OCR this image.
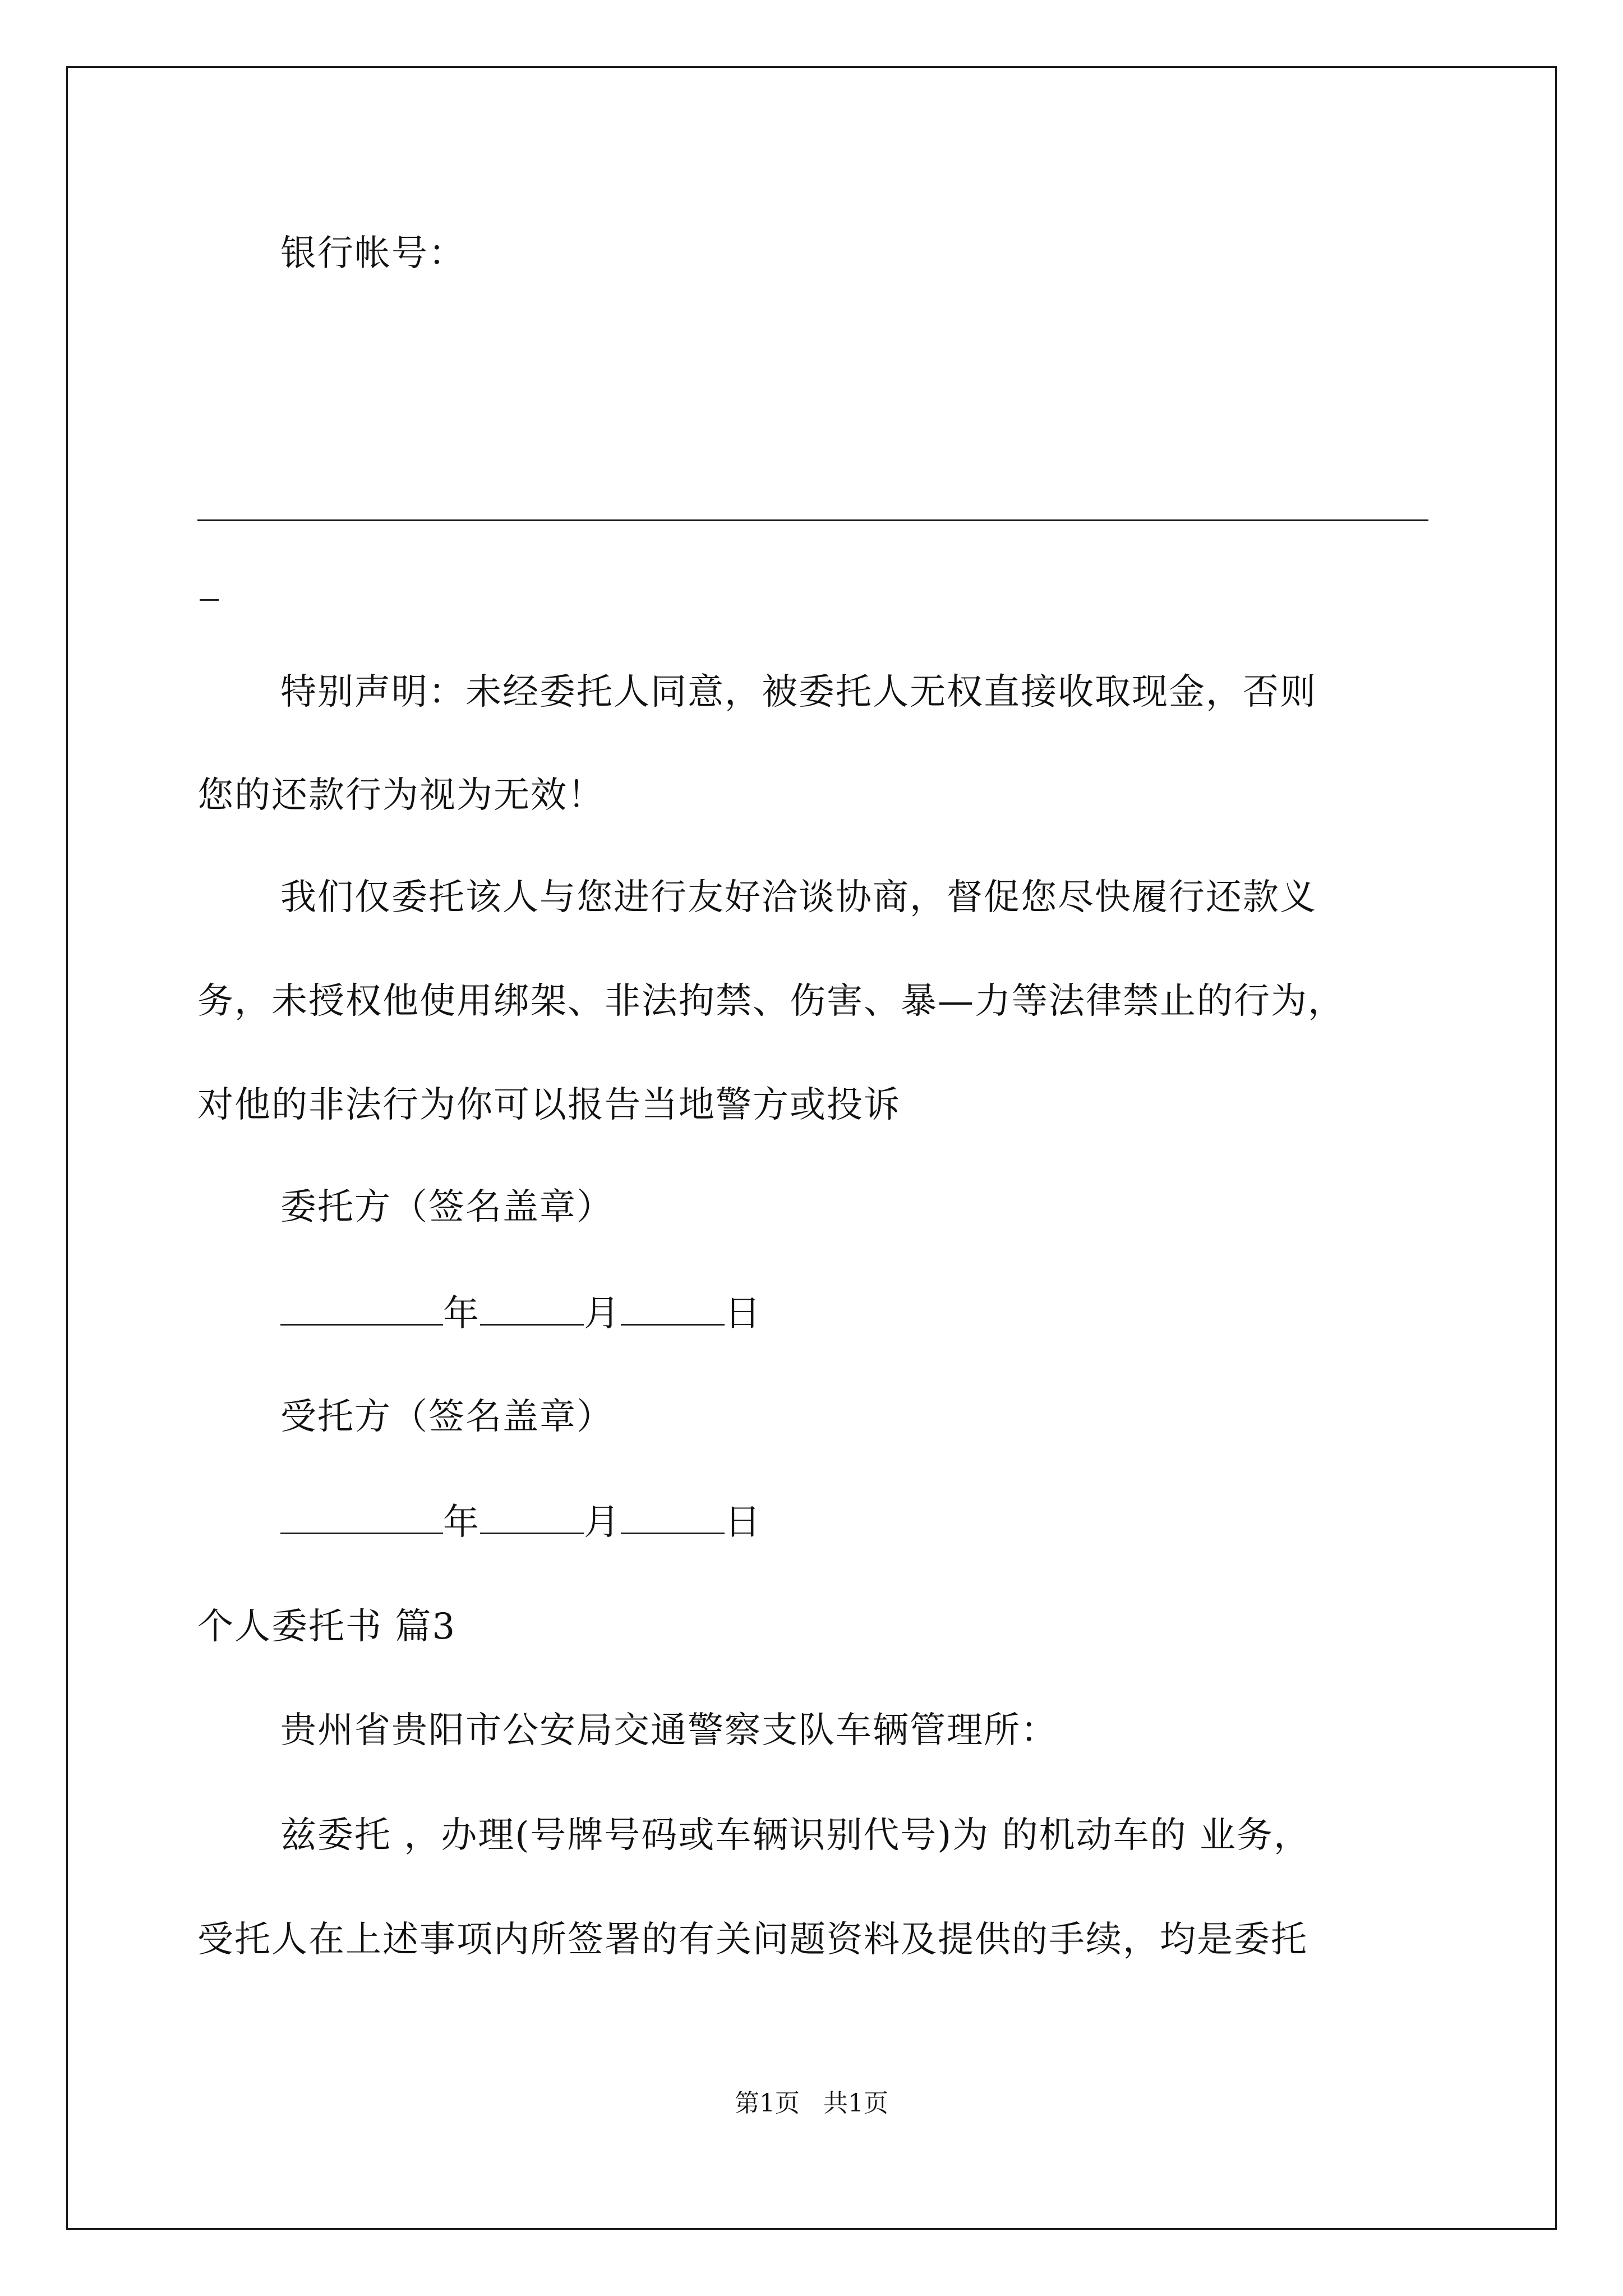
银行帐号：
特别声明：未经委托人同意，被委托人无权直接收取现金，否则
您的还款行为视为无效！
我们仅委托该人与您进行友好洽谈协商，督促您尽快履行还款义
务，未授权他使用绑架、非法拘禁、伤害、暴—力等法律禁止的行为，
对他的非法行为你可以报告当地警方或投诉
委托方（签名盖章）
年	月	日
受托方（签名盖章）
年	月	日
个人委托书 篇3
贵州省贵阳市公安局交通警察支队车辆管理所：
兹委托 ，办理(号牌号码或车辆识别代号)为 的机动车的 业务，
受托人在上述事项内所签署的有关问题资料及提供的手续，均是委托
第1页   共1页
